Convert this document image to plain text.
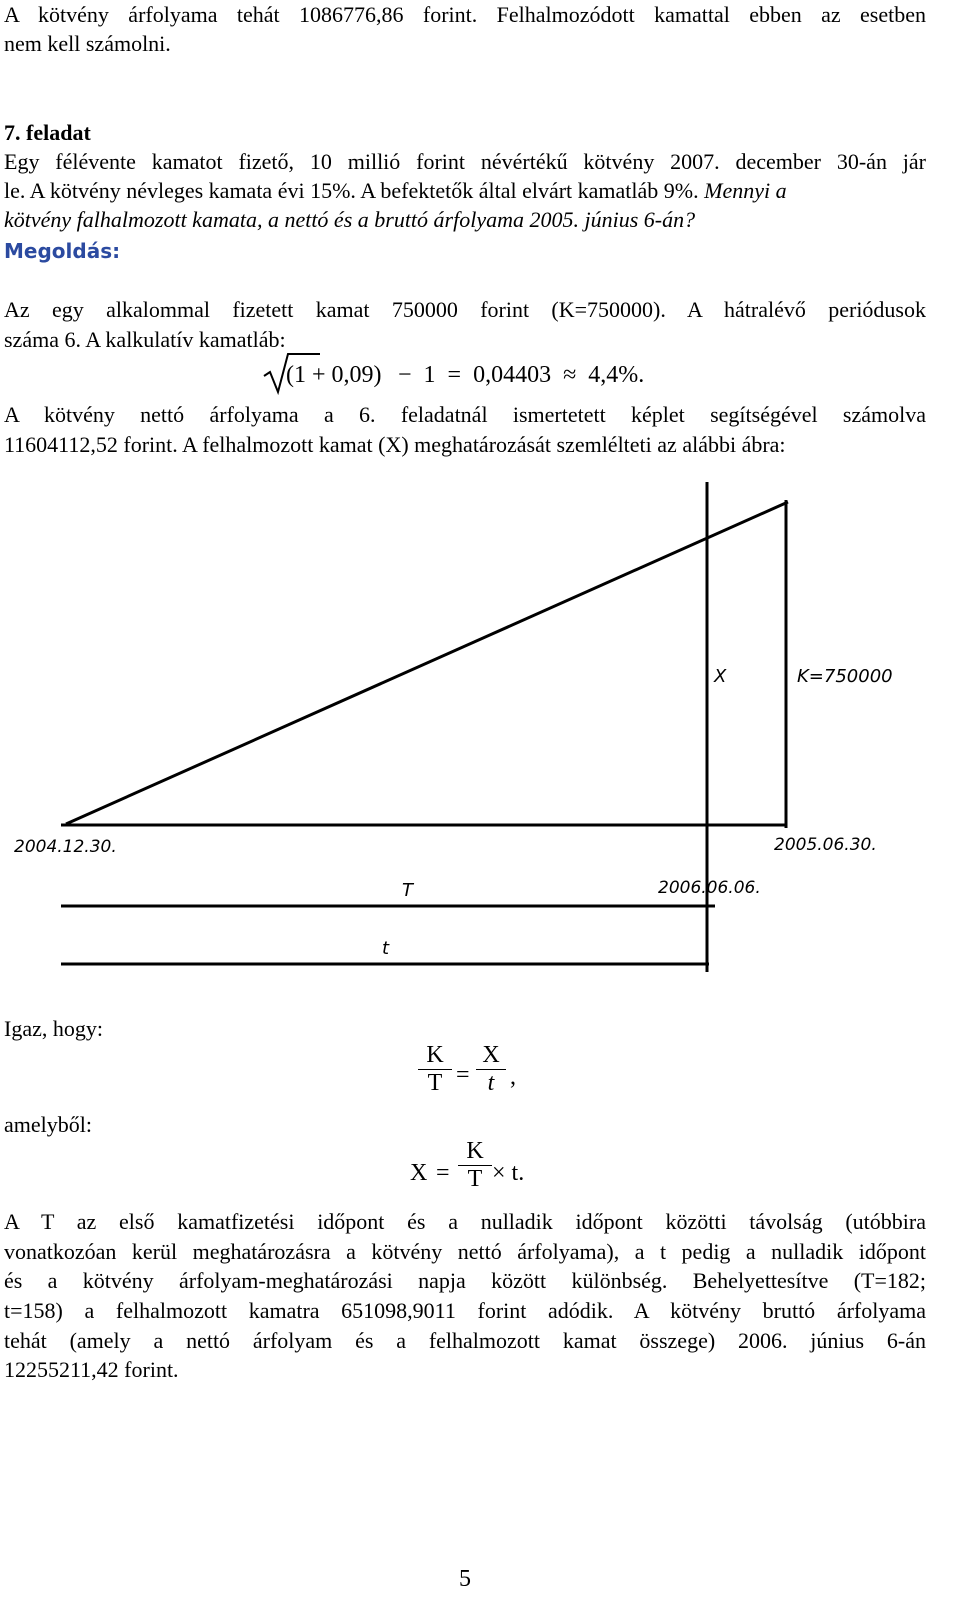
A kötvény árfolyama tehát 1086776,86 forint. Felhalmozódott kamattal ebben az esetben
nem kell számolni.
7. feladat
Egy félévente kamatot fizető, 10 millió forint névértékű kötvény 2007. december 30-án jár
le. A kötvény névleges kamata évi 15%. A befektetők által elvárt kamatláb 9%. Mennyi a
kötvény falhalmozott kamata, a nettó és a bruttó árfolyama 2005. június 6-án?
Megoldás:
Az egy alkalommal fizetett kamat 750000 forint (K=750000). A hátralévő periódusok
száma 6. A kalkulatív kamatláb:
(1 + 0,09) − 1 = 0,04403 ≈ 4,4%.
A kötvény nettó árfolyama a 6. feladatnál ismertetett képlet segítségével számolva
11604112,52 forint. A felhalmozott kamat (X) meghatározását szemlélteti az alábbi ábra:
X	K=750000
2004.12.30.	2005.06.30.
2006.06.06.
T
t
Igaz, hogy:
amelyből:
$\frac{K}{T} = \frac{X}{t}$ ,
$X = \frac{K}{T} \times t$.
A T az első kamatfizetési időpont és a nulladik időpont közötti távolság (utóbbira
vonatkozóan kerül meghatározásra a kötvény nettó árfolyama), a t pedig a nulladik időpont
és a kötvény árfolyam-meghatározási napja között különbség. Behelyettesítve (T=182;
t=158) a felhalmozott kamatra 651098,9011 forint adódik. A kötvény bruttó árfolyama
tehát (amely a nettó árfolyam és a felhalmozott kamat összege) 2006. június 6-án
12255211,42 forint.
5
